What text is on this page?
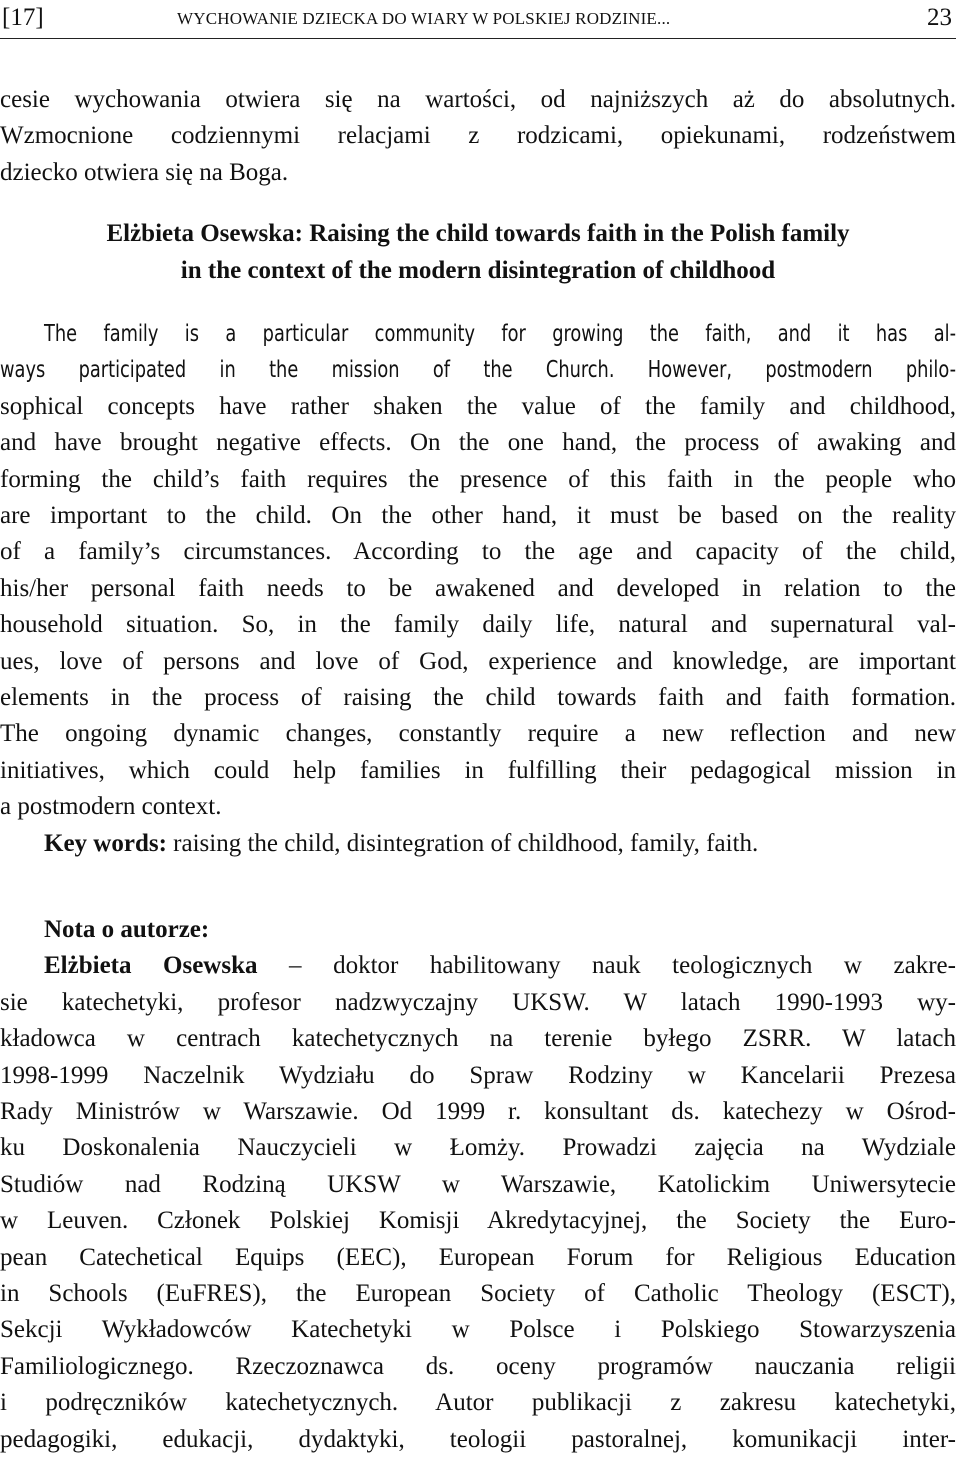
[17]	WYCHOWANIE DZIECKA DO WIARY W POLSKIEJ RODZINIE...	23
cesie wychowania otwiera się na wartości, od najniższych aż do absolutnych.
Wzmocnione codziennymi relacjami z rodzicami, opiekunami, rodzeństwem
dziecko otwiera się na Boga.
Elżbieta Osewska: Raising the child towards faith in the Polish family
in the context of the modern disintegration of childhood
The family is a particular community for growing the faith, and it has al-
ways participated in the mission of the Church. However, postmodern philo-
sophical concepts have rather shaken the value of the family and childhood,
and have brought negative effects. On the one hand, the process of awaking and
forming the child’s faith requires the presence of this faith in the people who
are important to the child. On the other hand, it must be based on the reality
of a family’s circumstances. According to the age and capacity of the child,
his/her personal faith needs to be awakened and developed in relation to the
household situation. So, in the family daily life, natural and supernatural val-
ues, love of persons and love of God, experience and knowledge, are important
elements in the process of raising the child towards faith and faith formation.
The ongoing dynamic changes, constantly require a new reflection and new
initiatives, which could help families in fulfilling their pedagogical mission in
a postmodern context.
Key words: raising the child, disintegration of childhood, family, faith.
Nota o autorze:
Elżbieta Osewska – doktor habilitowany nauk teologicznych w zakre-
sie katechetyki, profesor nadzwyczajny UKSW. W latach 1990-1993 wy-
kładowca w centrach katechetycznych na terenie byłego ZSRR. W latach
1998-1999 Naczelnik Wydziału do Spraw Rodziny w Kancelarii Prezesa
Rady Ministrów w Warszawie. Od 1999 r. konsultant ds. katechezy w Ośrod-
ku Doskonalenia Nauczycieli w Łomży. Prowadzi zajęcia na Wydziale
Studiów nad Rodziną UKSW w Warszawie, Katolickim Uniwersytecie
w Leuven. Członek Polskiej Komisji Akredytacyjnej, the Society the Euro-
pean Catechetical Equips (EEC), European Forum for Religious Education
in Schools (EuFRES), the European Society of Catholic Theology (ESCT),
Sekcji Wykładowców Katechetyki w Polsce i Polskiego Stowarzyszenia
Familiologicznego. Rzeczoznawca ds. oceny programów nauczania religii
i podręczników katechetycznych. Autor publikacji z zakresu katechetyki,
pedagogiki, edukacji, dydaktyki, teologii pastoralnej, komunikacji inter-
